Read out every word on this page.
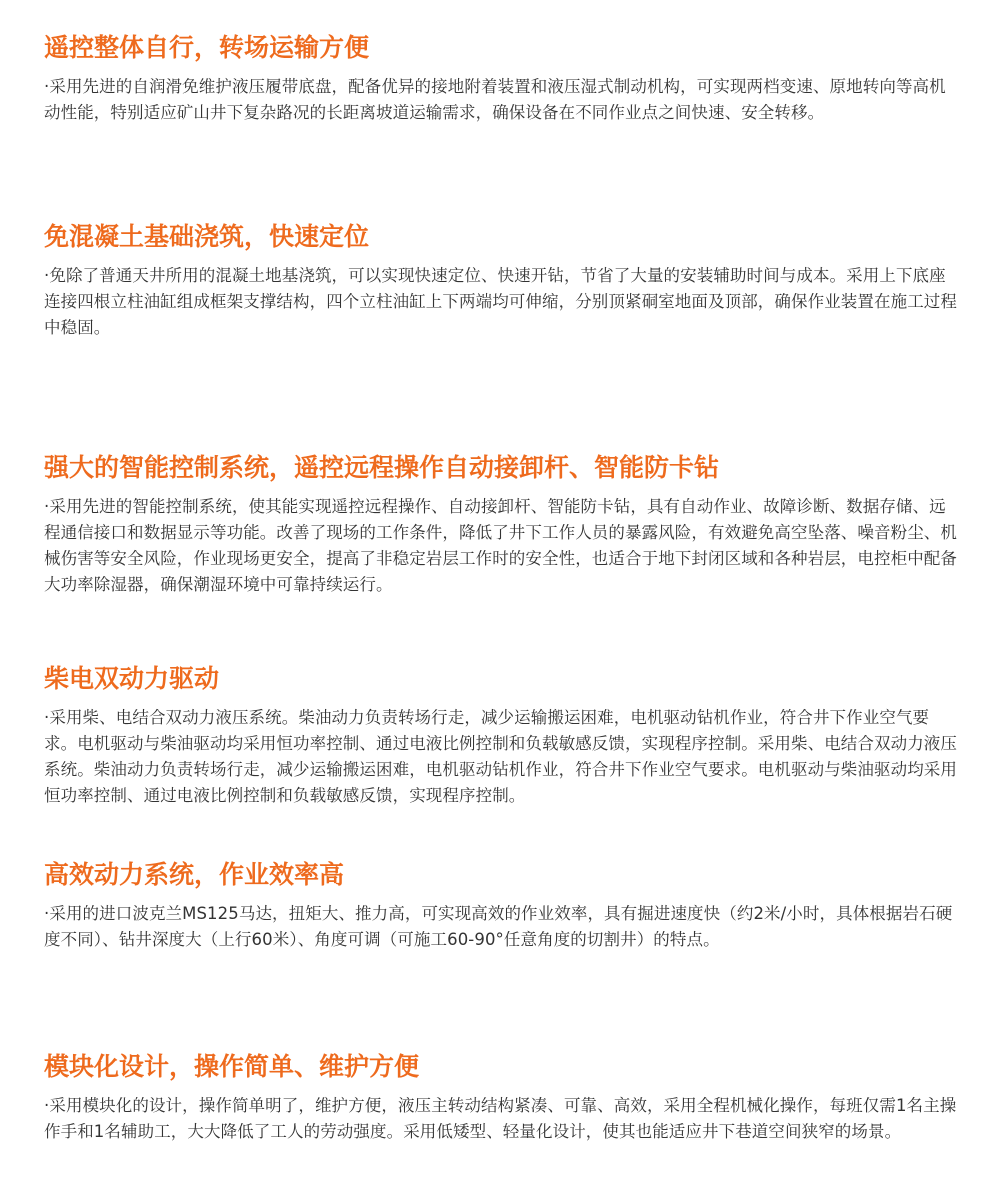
遥控整体自行，转场运输方便

·采用先进的自润滑免维护液压履带底盘，配备优异的接地附着装置和液压湿式制动机构，可实现两档变速、原地转向等高机动性能，特别适应矿山井下复杂路况的长距离坡道运输需求，确保设备在不同作业点之间快速、安全转移。

免混凝土基础浇筑，快速定位

·免除了普通天井所用的混凝土地基浇筑，可以实现快速定位、快速开钻，节省了大量的安装辅助时间与成本。采用上下底座连接四根立柱油缸组成框架支撑结构，四个立柱油缸上下两端均可伸缩，分别顶紧硐室地面及顶部，确保作业装置在施工过程中稳固。

强大的智能控制系统，遥控远程操作自动接卸杆、智能防卡钻

·采用先进的智能控制系统，使其能实现遥控远程操作、自动接卸杆、智能防卡钻，具有自动作业、故障诊断、数据存储、远程通信接口和数据显示等功能。改善了现场的工作条件，降低了井下工作人员的暴露风险，有效避免高空坠落、噪音粉尘、机械伤害等安全风险，作业现场更安全，提高了非稳定岩层工作时的安全性，也适合于地下封闭区域和各种岩层，电控柜中配备大功率除湿器，确保潮湿环境中可靠持续运行。

柴电双动力驱动

·采用柴、电结合双动力液压系统。柴油动力负责转场行走，减少运输搬运困难，电机驱动钻机作业，符合井下作业空气要求。电机驱动与柴油驱动均采用恒功率控制、通过电液比例控制和负载敏感反馈，实现程序控制。采用柴、电结合双动力液压系统。柴油动力负责转场行走，减少运输搬运困难，电机驱动钻机作业，符合井下作业空气要求。电机驱动与柴油驱动均采用恒功率控制、通过电液比例控制和负载敏感反馈，实现程序控制。

高效动力系统，作业效率高

·采用的进口波克兰MS125马达，扭矩大、推力高，可实现高效的作业效率，具有掘进速度快（约2米/小时，具体根据岩石硬度不同）、钻井深度大（上行60米）、角度可调（可施工60-90°任意角度的切割井）的特点。

模块化设计，操作简单、维护方便

·采用模块化的设计，操作简单明了，维护方便，液压主转动结构紧凑、可靠、高效，采用全程机械化操作，每班仅需1名主操作手和1名辅助工，大大降低了工人的劳动强度。采用低矮型、轻量化设计，使其也能适应井下巷道空间狭窄的场景。
